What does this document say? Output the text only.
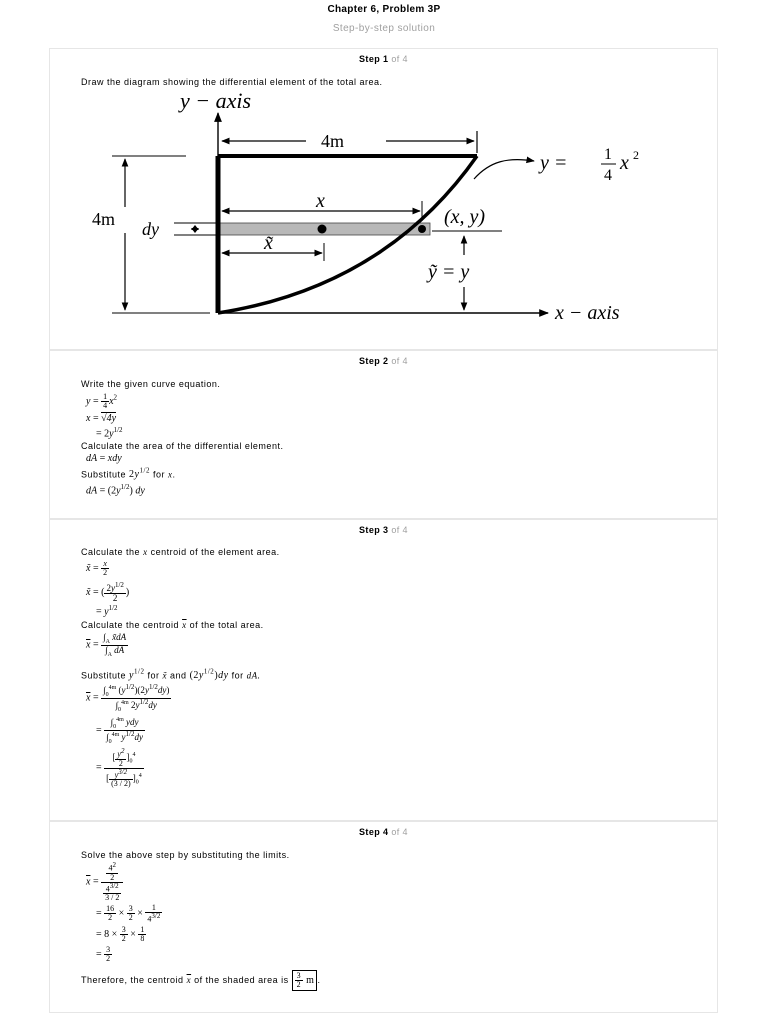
Chapter 6, Problem 3P
Step-by-step solution
Step 1 of 4
Draw the diagram showing the differential element of the total area.
y − axis
x − axis
4m
4m dy
x
x̃
(x, y)
ỹ = y
y = 1
4
x 2
Step 2 of 4
Write the given curve equation.
$y = \frac{1}{4} x^2$
x = √4y
= $2y^{1/2}$
Calculate the area of the differential element.
dA = xdy
Substitute $2y^{1/2}$ for x.
dA = $(2y^{1/2})$ dy
Step 3 of 4
Calculate the x centroid of the element area.
x̃ = $\frac{x}{2}$
x̃ = ( $\frac{2y^{1/2}}{2}$ )
= $y^{1/2}$
Calculate the centroid $\overline{x}$ of the total area.
$\overline{x} = \frac{\int_A x̃dA}{\int_A dA}$
Substitute $y^{1/2}$ for x̃ and $(2y^{1/2})dy$ for dA.
$\overline{x} = \frac{\int_0^{4m} (y^{1/2})(2y^{1/2}dy)}{\int_0^{4m} 2y^{1/2}dy}$
= $\frac{\int_0^{4m} ydy}{\int_0^{4m} y^{1/2}dy}$
= $\frac{[ \frac{y^2}{2} ]_0^4}{[ \frac{y^{3/2}}{(3 / 2)} ]_0^4}$
Step 4 of 4
Solve the above step by substituting the limits.
$\overline{x} = \frac{\frac{4^2}{2}}{\frac{4^{3/2}}{3 / 2}}$
= $\frac{16}{2} \times \frac{3}{2} \times \frac{1}{4^{3/2}}$
= $8 \times \frac{3}{2} \times \frac{1}{8}$
= $\frac{3}{2}$
Therefore, the centroid $\overline{x}$ of the shaded area is $\frac{3}{2}$ m .
